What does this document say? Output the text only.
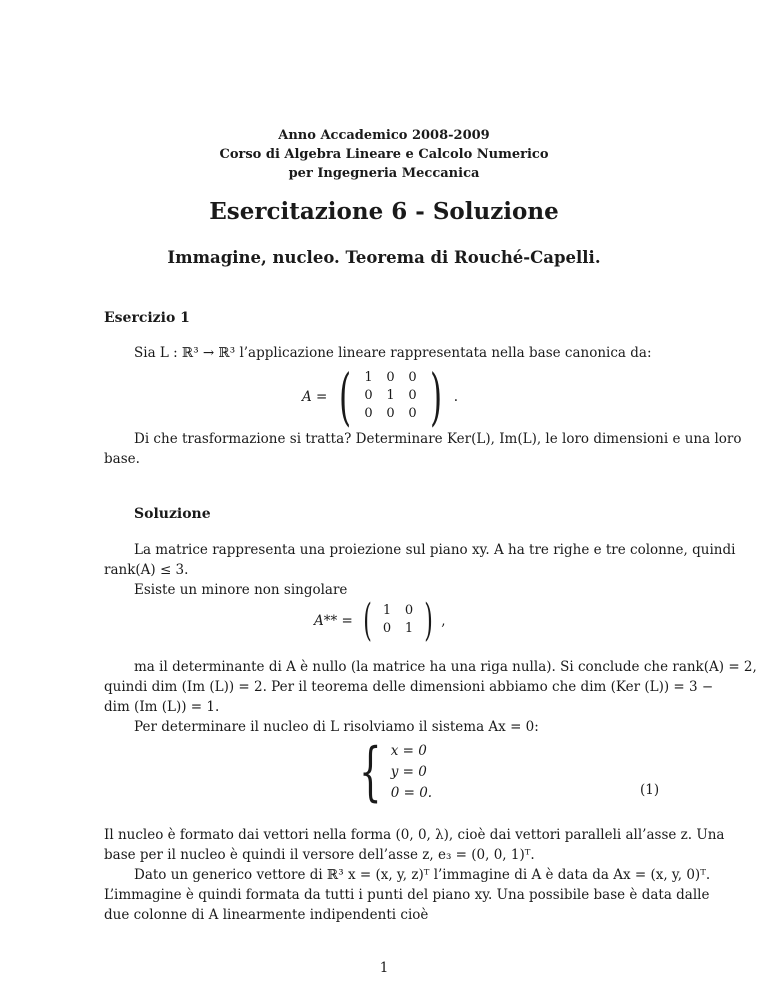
Anno Accademico 2008-2009
Corso di Algebra Lineare e Calcolo Numerico
per Ingegneria Meccanica
Esercitazione 6 - Soluzione
Immagine, nucleo. Teorema di Rouché-Capelli.
Esercizio 1
Sia L : ℝ³ → ℝ³ l’applicazione lineare rappresentata nella base canonica da:
A = ( 1	0	0
0	1	0
0	0	0 ) .
Di che trasformazione si tratta? Determinare Ker(L), Im(L), le loro dimensioni e una loro
base.
Soluzione
La matrice rappresenta una proiezione sul piano xy. A ha tre righe e tre colonne, quindi
rank(A) ≤ 3.
Esiste un minore non singolare
A** = ( 1	0
0	1 ) ,
ma il determinante di A è nullo (la matrice ha una riga nulla). Si conclude che rank(A) = 2,
quindi dim (Im (L)) = 2. Per il teorema delle dimensioni abbiamo che dim (Ker (L)) = 3 −
dim (Im (L)) = 1.
Per determinare il nucleo di L risolviamo il sistema Ax = 0:
{ x = 0
y = 0
0 = 0.	(1)
Il nucleo è formato dai vettori nella forma (0, 0, λ), cioè dai vettori paralleli all’asse z. Una
base per il nucleo è quindi il versore dell’asse z, e₃ = (0, 0, 1)ᵀ.
Dato un generico vettore di ℝ³ x = (x, y, z)ᵀ l’immagine di A è data da Ax = (x, y, 0)ᵀ.
L’immagine è quindi formata da tutti i punti del piano xy. Una possibile base è data dalle
due colonne di A linearmente indipendenti cioè
1
